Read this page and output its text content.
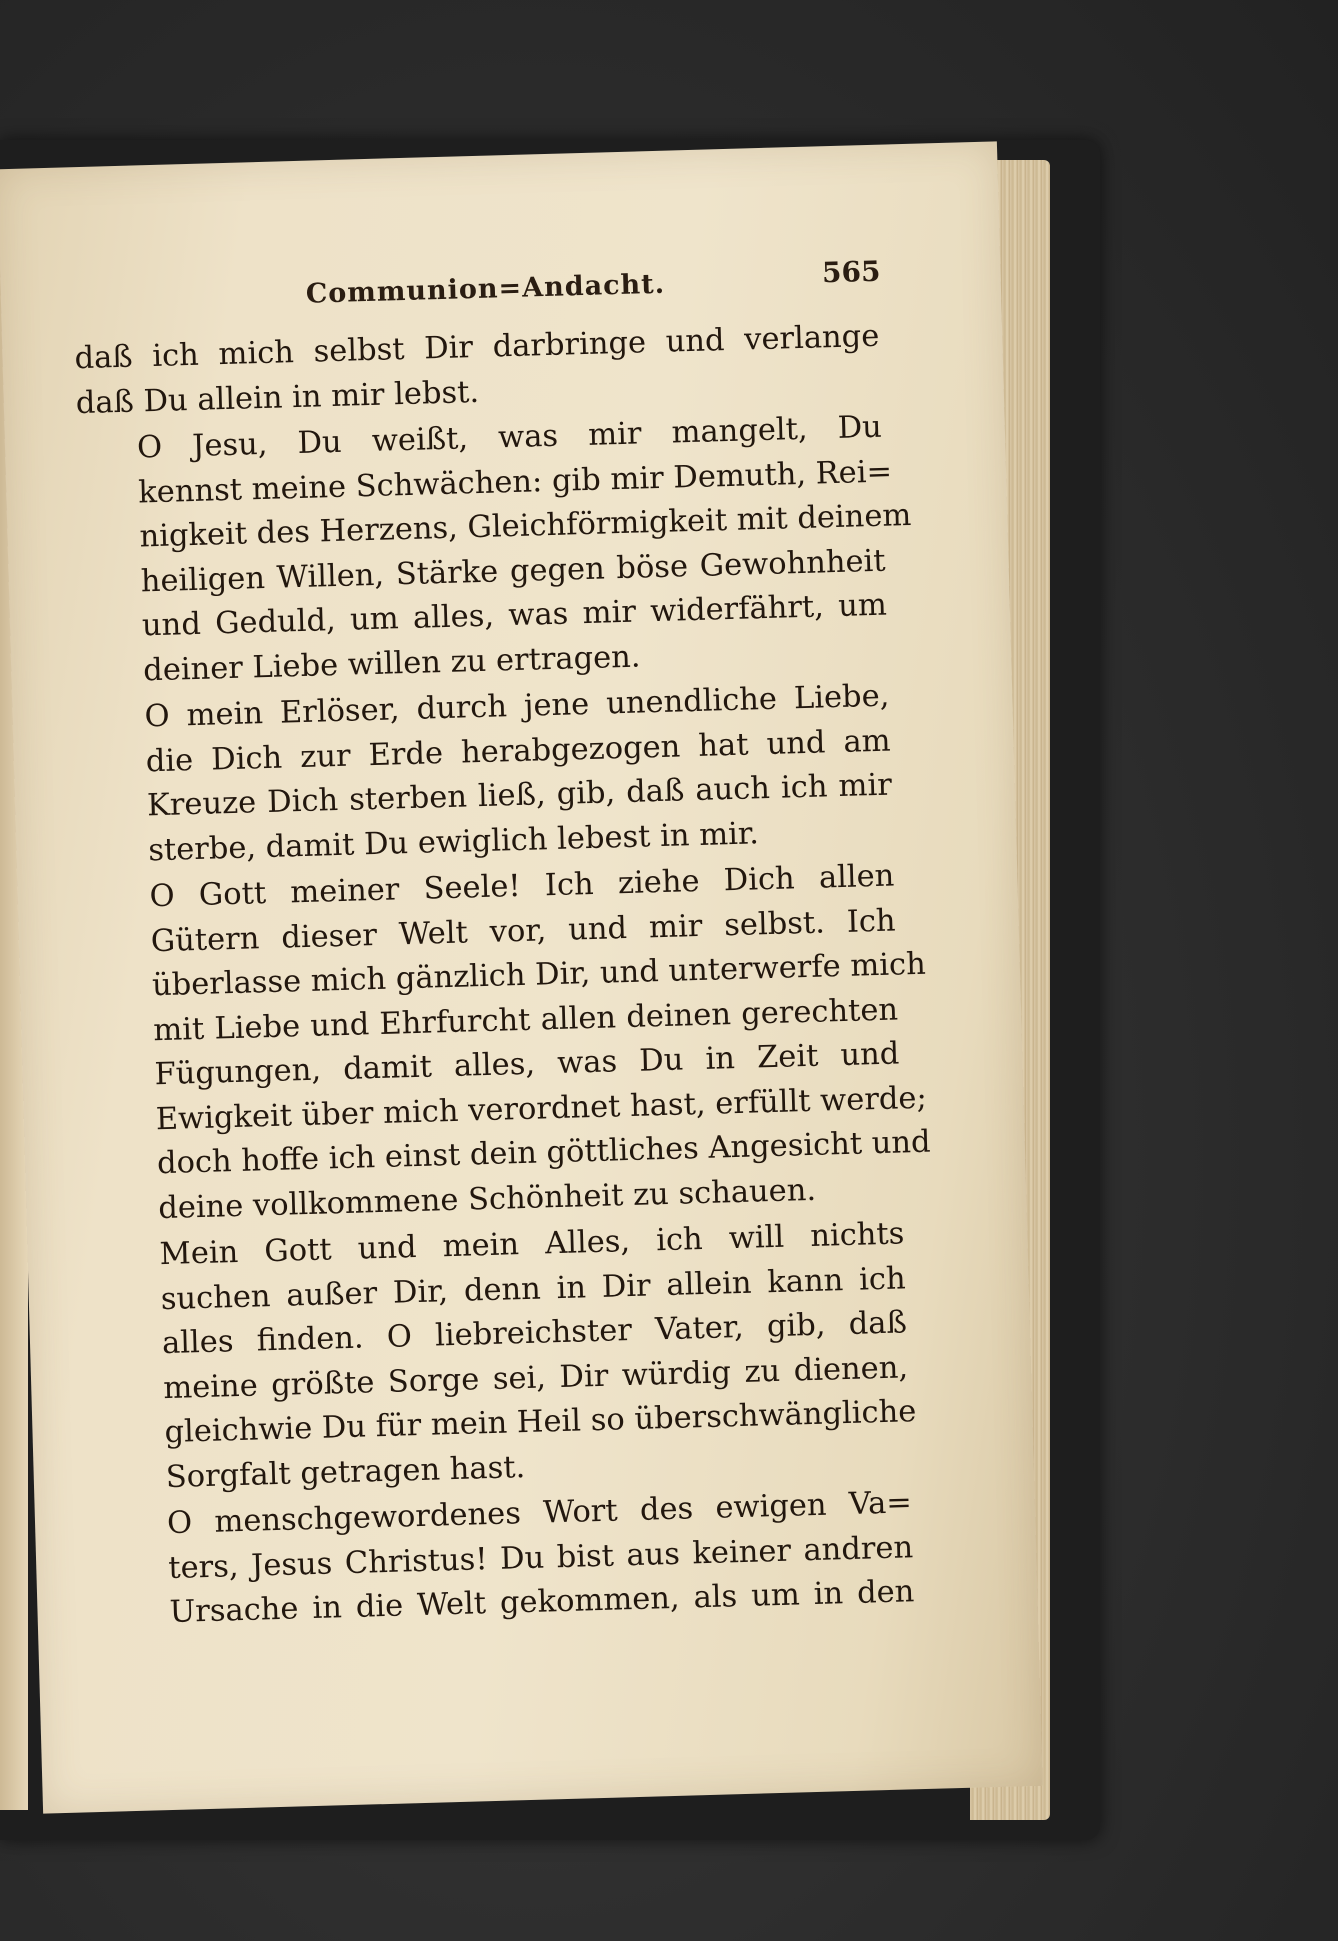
Communion=Andacht.	565

daß ich mich selbst Dir darbringe und verlange
daß Du allein in mir lebst.

O Jesu, Du weißt, was mir mangelt, Du
kennst meine Schwächen: gib mir Demuth, Rei=
nigkeit des Herzens, Gleichförmigkeit mit deinem
heiligen Willen, Stärke gegen böse Gewohnheit
und Geduld, um alles, was mir widerfährt, um
deiner Liebe willen zu ertragen.

O mein Erlöser, durch jene unendliche Liebe,
die Dich zur Erde herabgezogen hat und am
Kreuze Dich sterben ließ, gib, daß auch ich mir
sterbe, damit Du ewiglich lebest in mir.

O Gott meiner Seele! Ich ziehe Dich allen
Gütern dieser Welt vor, und mir selbst. Ich
überlasse mich gänzlich Dir, und unterwerfe mich
mit Liebe und Ehrfurcht allen deinen gerechten
Fügungen, damit alles, was Du in Zeit und
Ewigkeit über mich verordnet hast, erfüllt werde;
doch hoffe ich einst dein göttliches Angesicht und
deine vollkommene Schönheit zu schauen.

Mein Gott und mein Alles, ich will nichts
suchen außer Dir, denn in Dir allein kann ich
alles finden. O liebreichster Vater, gib, daß
meine größte Sorge sei, Dir würdig zu dienen,
gleichwie Du für mein Heil so überschwängliche
Sorgfalt getragen hast.

O menschgewordenes Wort des ewigen Va=
ters, Jesus Christus! Du bist aus keiner andren
Ursache in die Welt gekommen, als um in den
